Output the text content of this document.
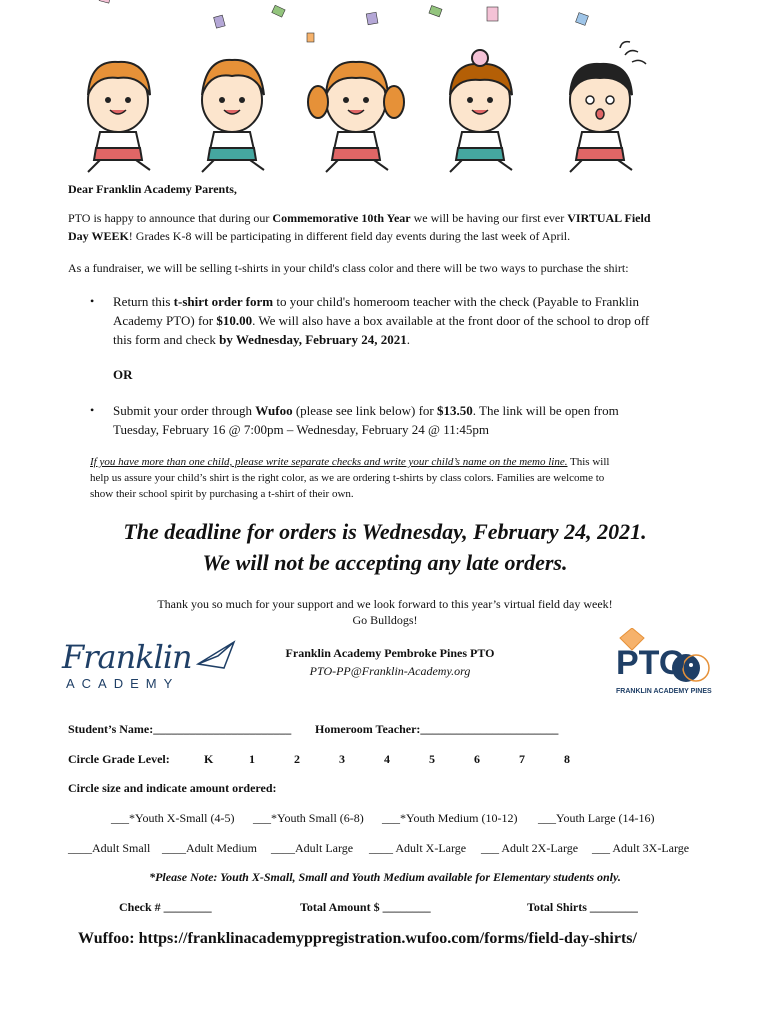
Dear Franklin Academy Parents,
PTO is happy to announce that during our Commemorative 10th Year we will be having our first ever VIRTUAL Field
Day WEEK! Grades K-8 will be participating in different field day events during the last week of April.
As a fundraiser, we will be selling t-shirts in your child's class color and there will be two ways to purchase the shirt:
• Return this t-shirt order form to your child's homeroom teacher with the check (Payable to Franklin
Academy PTO) for $10.00. We will also have a box available at the front door of the school to drop off
this form and check by Wednesday, February 24, 2021.
OR
• Submit your order through Wufoo (please see link below) for $13.50. The link will be open from
Tuesday, February 16 @ 7:00pm – Wednesday, February 24 @ 11:45pm
If you have more than one child, please write separate checks and write your child’s name on the memo line. This will
help us assure your child’s shirt is the right color, as we are ordering t-shirts by class colors. Families are welcome to
show their school spirit by purchasing a t-shirt of their own.
The deadline for orders is Wednesday, February 24, 2021.
We will not be accepting any late orders.
Thank you so much for your support and we look forward to this year’s virtual field day week!
Go Bulldogs!
Franklin
ACADEMY
Franklin Academy Pembroke Pines PTO
PTO-PP@Franklin-Academy.org	PTO
FRANKLIN ACADEMY PINES
Student’s Name:_______________________ Homeroom Teacher:_______________________
Circle Grade Level:	K	1	2	3	4	5	6	7	8
Circle size and indicate amount ordered:
___*Youth X-Small (4-5) ___*Youth Small (6-8) ___*Youth Medium (10-12) ___Youth Large (14-16)
____Adult Small ____Adult Medium ____Adult Large ____ Adult X-Large ___ Adult 2X-Large ___ Adult 3X-Large
*Please Note: Youth X-Small, Small and Youth Medium available for Elementary students only.
Check # ________	Total Amount $ ________	Total Shirts ________
Wuffoo: https://franklinacademyppregistration.wufoo.com/forms/field-day-shirts/
